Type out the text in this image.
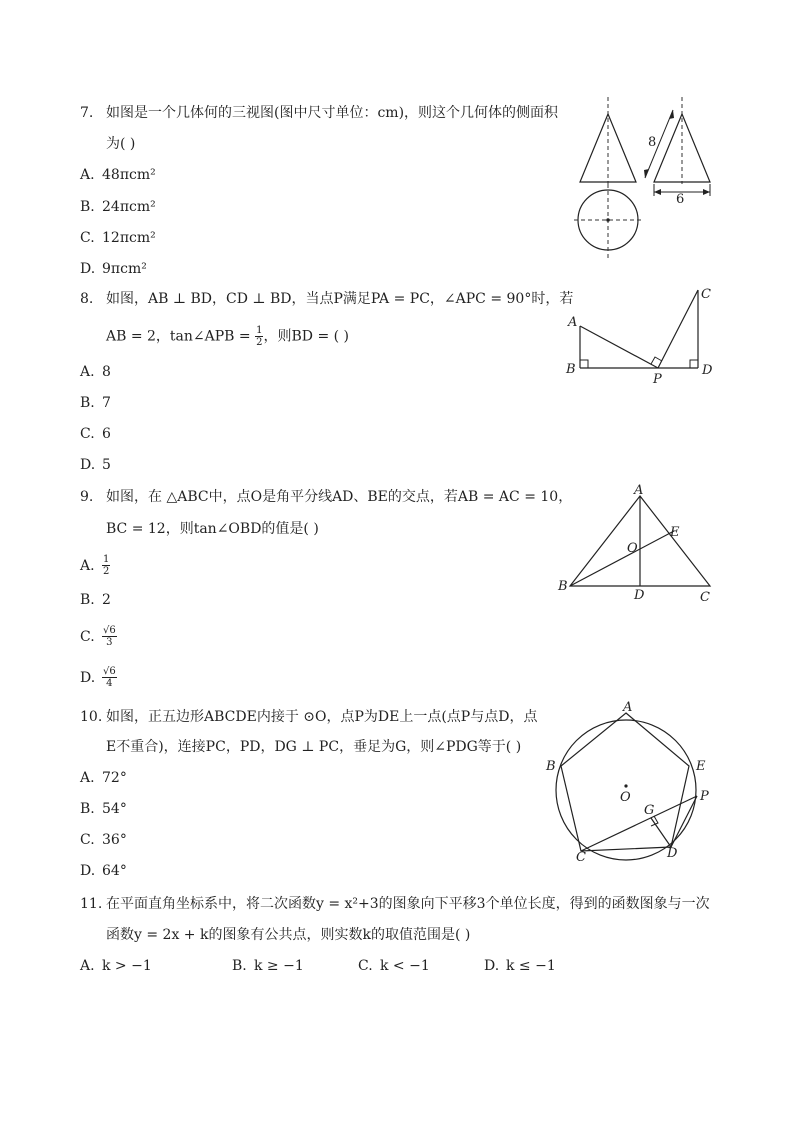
7. 如图是一个几体何的三视图(图中尺寸单位：cm)，则这个几何体的侧面积
为( )
A. 48πcm²
B. 24πcm²
C. 12πcm²
D. 9πcm²
8
6
8. 如图，AB ⊥ BD，CD ⊥ BD，当点P满足PA = PC，∠APC = 90°时，若
AB = 2，tan∠APB = $\frac{1}{2}$ ，则BD = ( )
A. 8
B. 7
C. 6
D. 5
A
B
C
D
P
9. 如图，在 △ABC中，点O是角平分线AD、BE的交点，若AB = AC = 10，
BC = 12，则tan∠OBD的值是( )
A. $\frac{1}{2}$
B. 2
C. $\frac{√6}{3}$
D. $\frac{√6}{4}$
A
B
C
D
E
O
10. 如图，正五边形ABCDE内接于 ⊙O，点P为DE上一点(点P与点D，点
E不重合)，连接PC，PD，DG ⊥ PC，垂足为G，则∠PDG等于( )
A. 72°
B. 54°
C. 36°
D. 64°
A
B
C	D
E
O
G
P
11. 在平面直角坐标系中，将二次函数y = x²+3的图象向下平移3个单位长度，得到的函数图象与一次
函数y = 2x + k的图象有公共点，则实数k的取值范围是( )
A. k > −1	B. k ≥ −1	C. k < −1	D. k ≤ −1
